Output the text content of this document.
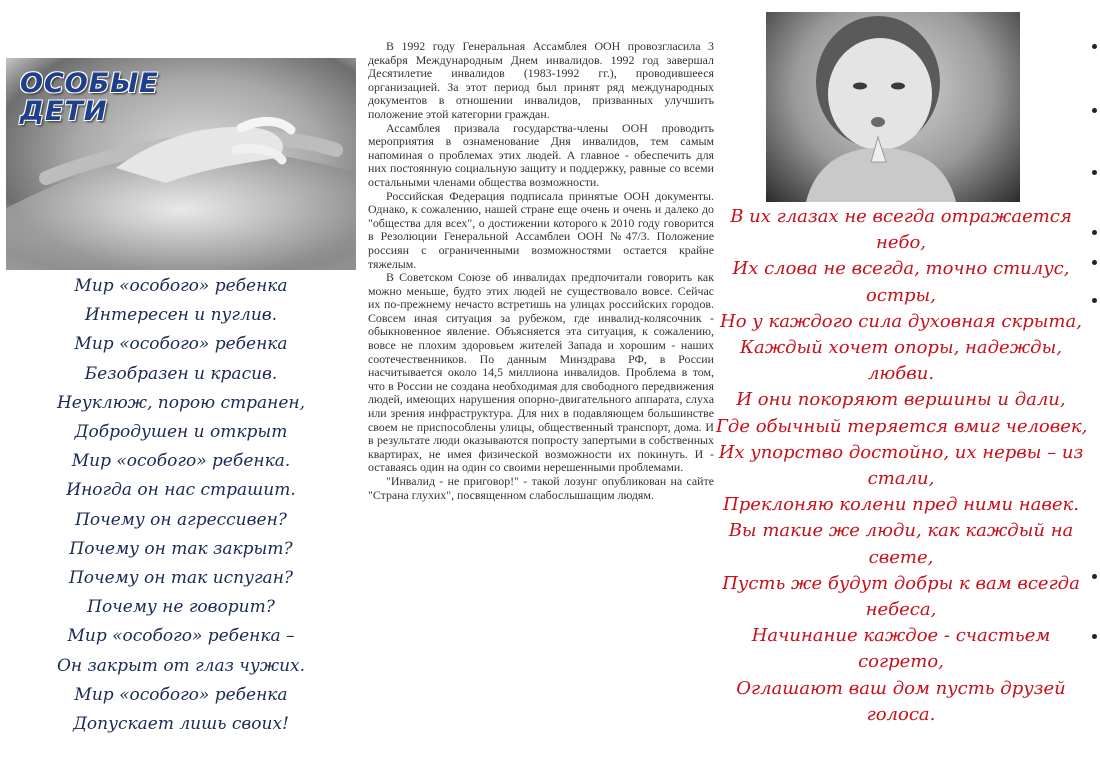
ОСОБЫЕ
ДЕТИ
Мир «особого» ребенка
Интересен и пуглив.
Мир «особого» ребенка
Безобразен и красив.
Неуклюж, порою странен,
Добродушен и открыт
Мир «особого» ребенка.
Иногда он нас страшит.
Почему он агрессивен?
Почему он так закрыт?
Почему он так испуган?
Почему не говорит?
Мир «особого» ребенка –
Он закрыт от глаз чужих.
Мир «особого» ребенка
Допускает лишь своих!

В 1992 году Генеральная Ассамблея ООН провозгласила 3 декабря Международным Днем инвалидов. 1992 год завершал Десятилетие инвалидов (1983-1992 гг.), проводившееся организацией. За этот период был принят ряд международных документов в отношении инвалидов, призванных улучшить положение этой категории граждан.

Ассамблея призвала государства-члены ООН проводить мероприятия в ознаменование Дня инвалидов, тем самым напоминая о проблемах этих людей. А главное - обеспечить для них постоянную социальную защиту и поддержку, равные со всеми остальными членами общества возможности.

Российская Федерация подписала принятые ООН документы. Однако, к сожалению, нашей стране еще очень и очень и далеко до "общества для всех", о достижении которого к 2010 году говорится в Резолюции Генеральной Ассамблеи ООН №47/3. Положение россиян с ограниченными возможностями остается крайне тяжелым.

В Советском Союзе об инвалидах предпочитали говорить как можно меньше, будто этих людей не существовало вовсе. Сейчас их по-прежнему нечасто встретишь на улицах российских городов. Совсем иная ситуация за рубежом, где инвалид-колясочник - обыкновенное явление. Объясняется эта ситуация, к сожалению, вовсе не плохим здоровьем жителей Запада и хорошим - наших соотечественников. По данным Минздрава РФ, в России насчитывается около 14,5 миллиона инвалидов. Проблема в том, что в России не создана необходимая для свободного передвижения людей, имеющих нарушения опорно-двигательного аппарата, слуха или зрения инфраструктура. Для них в подавляющем большинстве своем не приспособлены улицы, общественный транспорт, дома. И в результате люди оказываются попросту запертыми в собственных квартирах, не имея физической возможности их покинуть. И - оставаясь один на один со своими нерешенными проблемами.

"Инвалид - не приговор!" - такой лозунг опубликован на сайте "Страна глухих", посвященном слабослышащим людям.

В их глазах не всегда отражается
небо,
Их слова не всегда, точно стилус,
остры,
Но у каждого сила духовная скрыта,
Каждый хочет опоры, надежды,
любви.
И они покоряют вершины и дали,
Где обычный теряется вмиг человек,
Их упорство достойно, их нервы – из
стали,
Преклоняю колени пред ними навек.
Вы такие же люди, как каждый на
свете,
Пусть же будут добры к вам всегда
небеса,
Начинание каждое - счастьем
согрето,
Оглашают ваш дом пусть друзей
голоса.
